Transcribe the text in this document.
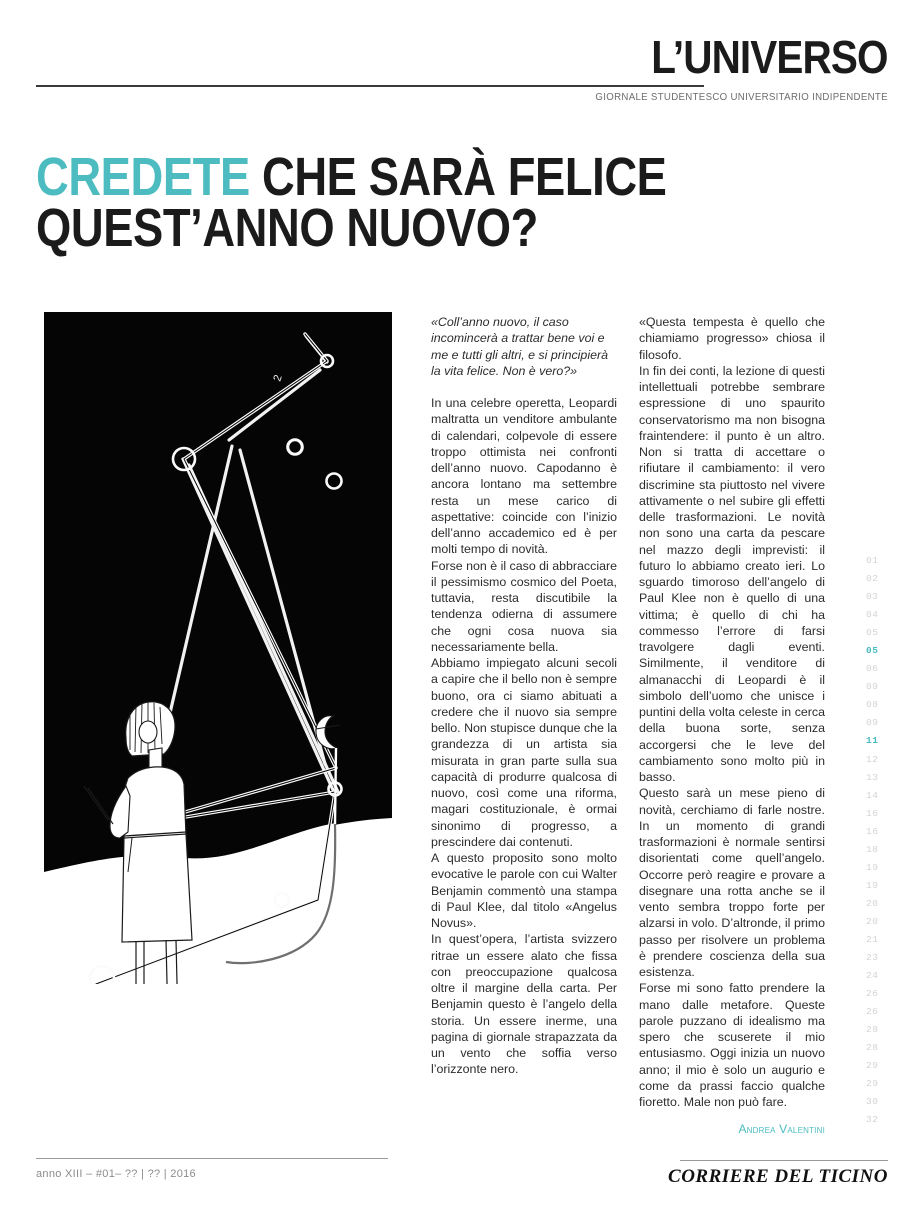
L’UNIVERSO
GIORNALE STUDENTESCO UNIVERSITARIO INDIPENDENTE
CREDETE CHE SARÀ FELICE
QUEST’ANNO NUOVO?
2

«Coll’anno nuovo, il caso incomincerà a trattar bene voi e me e tutti gli altri, e si principierà la vita felice. Non è vero?»

In una celebre operetta, Leopardi maltratta un venditore ambulante di calendari, colpevole di essere troppo ottimista nei confronti dell’anno nuovo. Capodanno è ancora lontano ma settembre resta un mese carico di aspettative: coincide con l’inizio dell’anno accademico ed è per molti tempo di novità.

Forse non è il caso di abbracciare il pessimismo cosmico del Poeta, tuttavia, resta discutibile la tendenza odierna di assumere che ogni cosa nuova sia necessariamente bella.

Abbiamo impiegato alcuni secoli a capire che il bello non è sempre buono, ora ci siamo abituati a credere che il nuovo sia sempre bello. Non stupisce dunque che la grandezza di un artista sia misurata in gran parte sulla sua capacità di produrre qualcosa di nuovo, così come una riforma, magari costituzionale, è ormai sinonimo di progresso, a prescindere dai contenuti.

A questo proposito sono molto evocative le parole con cui Walter Benjamin commentò una stampa di Paul Klee, dal titolo «Angelus Novus».

In quest’opera, l’artista svizzero ritrae un essere alato che fissa con preoccupazione qualcosa oltre il margine della carta. Per Benjamin questo è l’angelo della storia. Un essere inerme, una pagina di giornale strapazzata da un vento che soffia verso l’orizzonte nero.

«Questa tempesta è quello che chiamiamo progresso» chiosa il filosofo.

In fin dei conti, la lezione di questi intellettuali potrebbe sembrare espressione di uno spaurito conservatorismo ma non bisogna fraintendere: il punto è un altro. Non si tratta di accettare o rifiutare il cambiamento: il vero discrimine sta piuttosto nel vivere attivamente o nel subire gli effetti delle trasformazioni. Le novità non sono una carta da pescare nel mazzo degli imprevisti: il futuro lo abbiamo creato ieri. Lo sguardo timoroso dell’angelo di Paul Klee non è quello di una vittima; è quello di chi ha commesso l’errore di farsi travolgere dagli eventi. Similmente, il venditore di almanacchi di Leopardi è il simbolo dell’uomo che unisce i puntini della volta celeste in cerca della buona sorte, senza accorgersi che le leve del cambiamento sono molto più in basso.

Questo sarà un mese pieno di novità, cerchiamo di farle nostre. In un momento di grandi trasformazioni è normale sentirsi disorientati come quell’angelo. Occorre però reagire e provare a disegnare una rotta anche se il vento sembra troppo forte per alzarsi in volo. D’altronde, il primo passo per risolvere un problema è prendere coscienza della sua esistenza.

Forse mi sono fatto prendere la mano dalle metafore. Queste parole puzzano di idealismo ma spero che scuserete il mio entusiasmo. Oggi inizia un nuovo anno; il mio è solo un augurio e come da prassi faccio qualche fioretto. Male non può fare.

Andrea Valentini

01
02
03
04
05
05
06
09
08
09
11
12
13
14
16
16
18
19
19
20
20
21
23
24
26
26
28
28
29
29
30
32
anno XIII – #01– ?? | ?? | 2016	CORRIERE DEL TICINO
